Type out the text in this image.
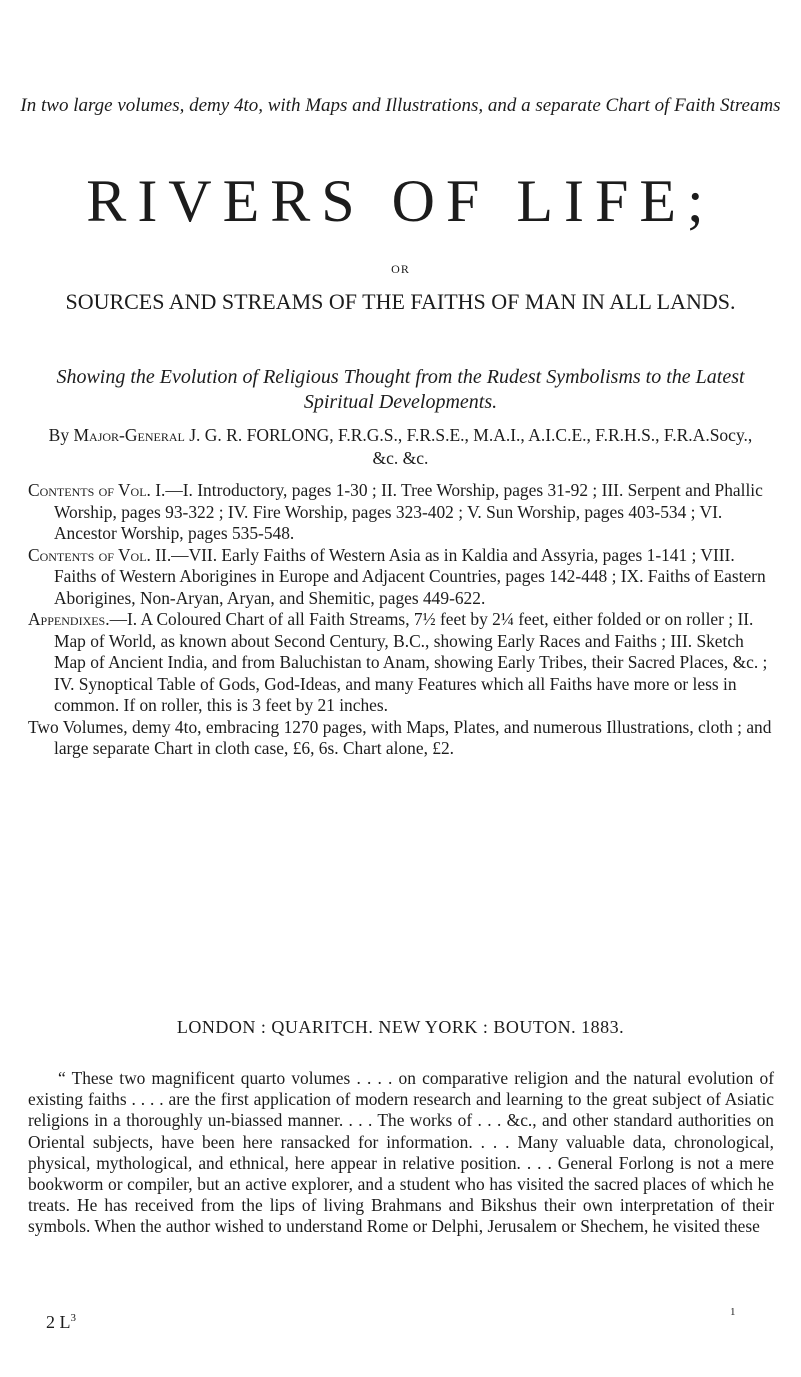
In two large volumes, demy 4to, with Maps and Illustrations, and a separate Chart of Faith Streams
RIVERS OF LIFE;
OR
SOURCES AND STREAMS OF THE FAITHS OF MAN IN ALL LANDS.
Showing the Evolution of Religious Thought from the Rudest Symbolisms to the Latest Spiritual Developments.
By Major-General J. G. R. FORLONG, F.R.G.S., F.R.S.E., M.A.I., A.I.C.E., F.R.H.S., F.R.A.Socy., &c. &c.

Contents of Vol. I.—I. Introductory, pages 1-30 ; II. Tree Worship, pages 31-92 ; III. Serpent and Phallic Worship, pages 93-322 ; IV. Fire Worship, pages 323-402 ; V. Sun Worship, pages 403-534 ; VI. Ancestor Worship, pages 535-548.

Contents of Vol. II.—VII. Early Faiths of Western Asia as in Kaldia and Assyria, pages 1-141 ; VIII. Faiths of Western Aborigines in Europe and Adjacent Countries, pages 142-448 ; IX. Faiths of Eastern Aborigines, Non-Aryan, Aryan, and Shemitic, pages 449-622.

Appendixes.—I. A Coloured Chart of all Faith Streams, 7½ feet by 2¼ feet, either folded or on roller ; II. Map of World, as known about Second Century, B.C., showing Early Races and Faiths ; III. Sketch Map of Ancient India, and from Baluchistan to Anam, showing Early Tribes, their Sacred Places, &c. ; IV. Synoptical Table of Gods, God-Ideas, and many Features which all Faiths have more or less in common. If on roller, this is 3 feet by 21 inches.

Two Volumes, demy 4to, embracing 1270 pages, with Maps, Plates, and numerous Illustrations, cloth ; and large separate Chart in cloth case, £6, 6s. Chart alone, £2.

LONDON : QUARITCH. NEW YORK : BOUTON. 1883.

“ These two magnificent quarto volumes . . . . on comparative religion and the natural evolution of existing faiths . . . . are the first application of modern research and learning to the great subject of Asiatic religions in a thoroughly un-biassed manner. . . . The works of . . . &c., and other standard authorities on Oriental subjects, have been here ransacked for information. . . . Many valuable data, chronological, physical, mythological, and ethnical, here appear in relative position. . . . General Forlong is not a mere bookworm or compiler, but an active explorer, and a student who has visited the sacred places of which he treats. He has received from the lips of living Brahmans and Bikshus their own interpretation of their symbols. When the author wished to understand Rome or Delphi, Jerusalem or Shechem, he visited these

2 $L^3$	$^1$
